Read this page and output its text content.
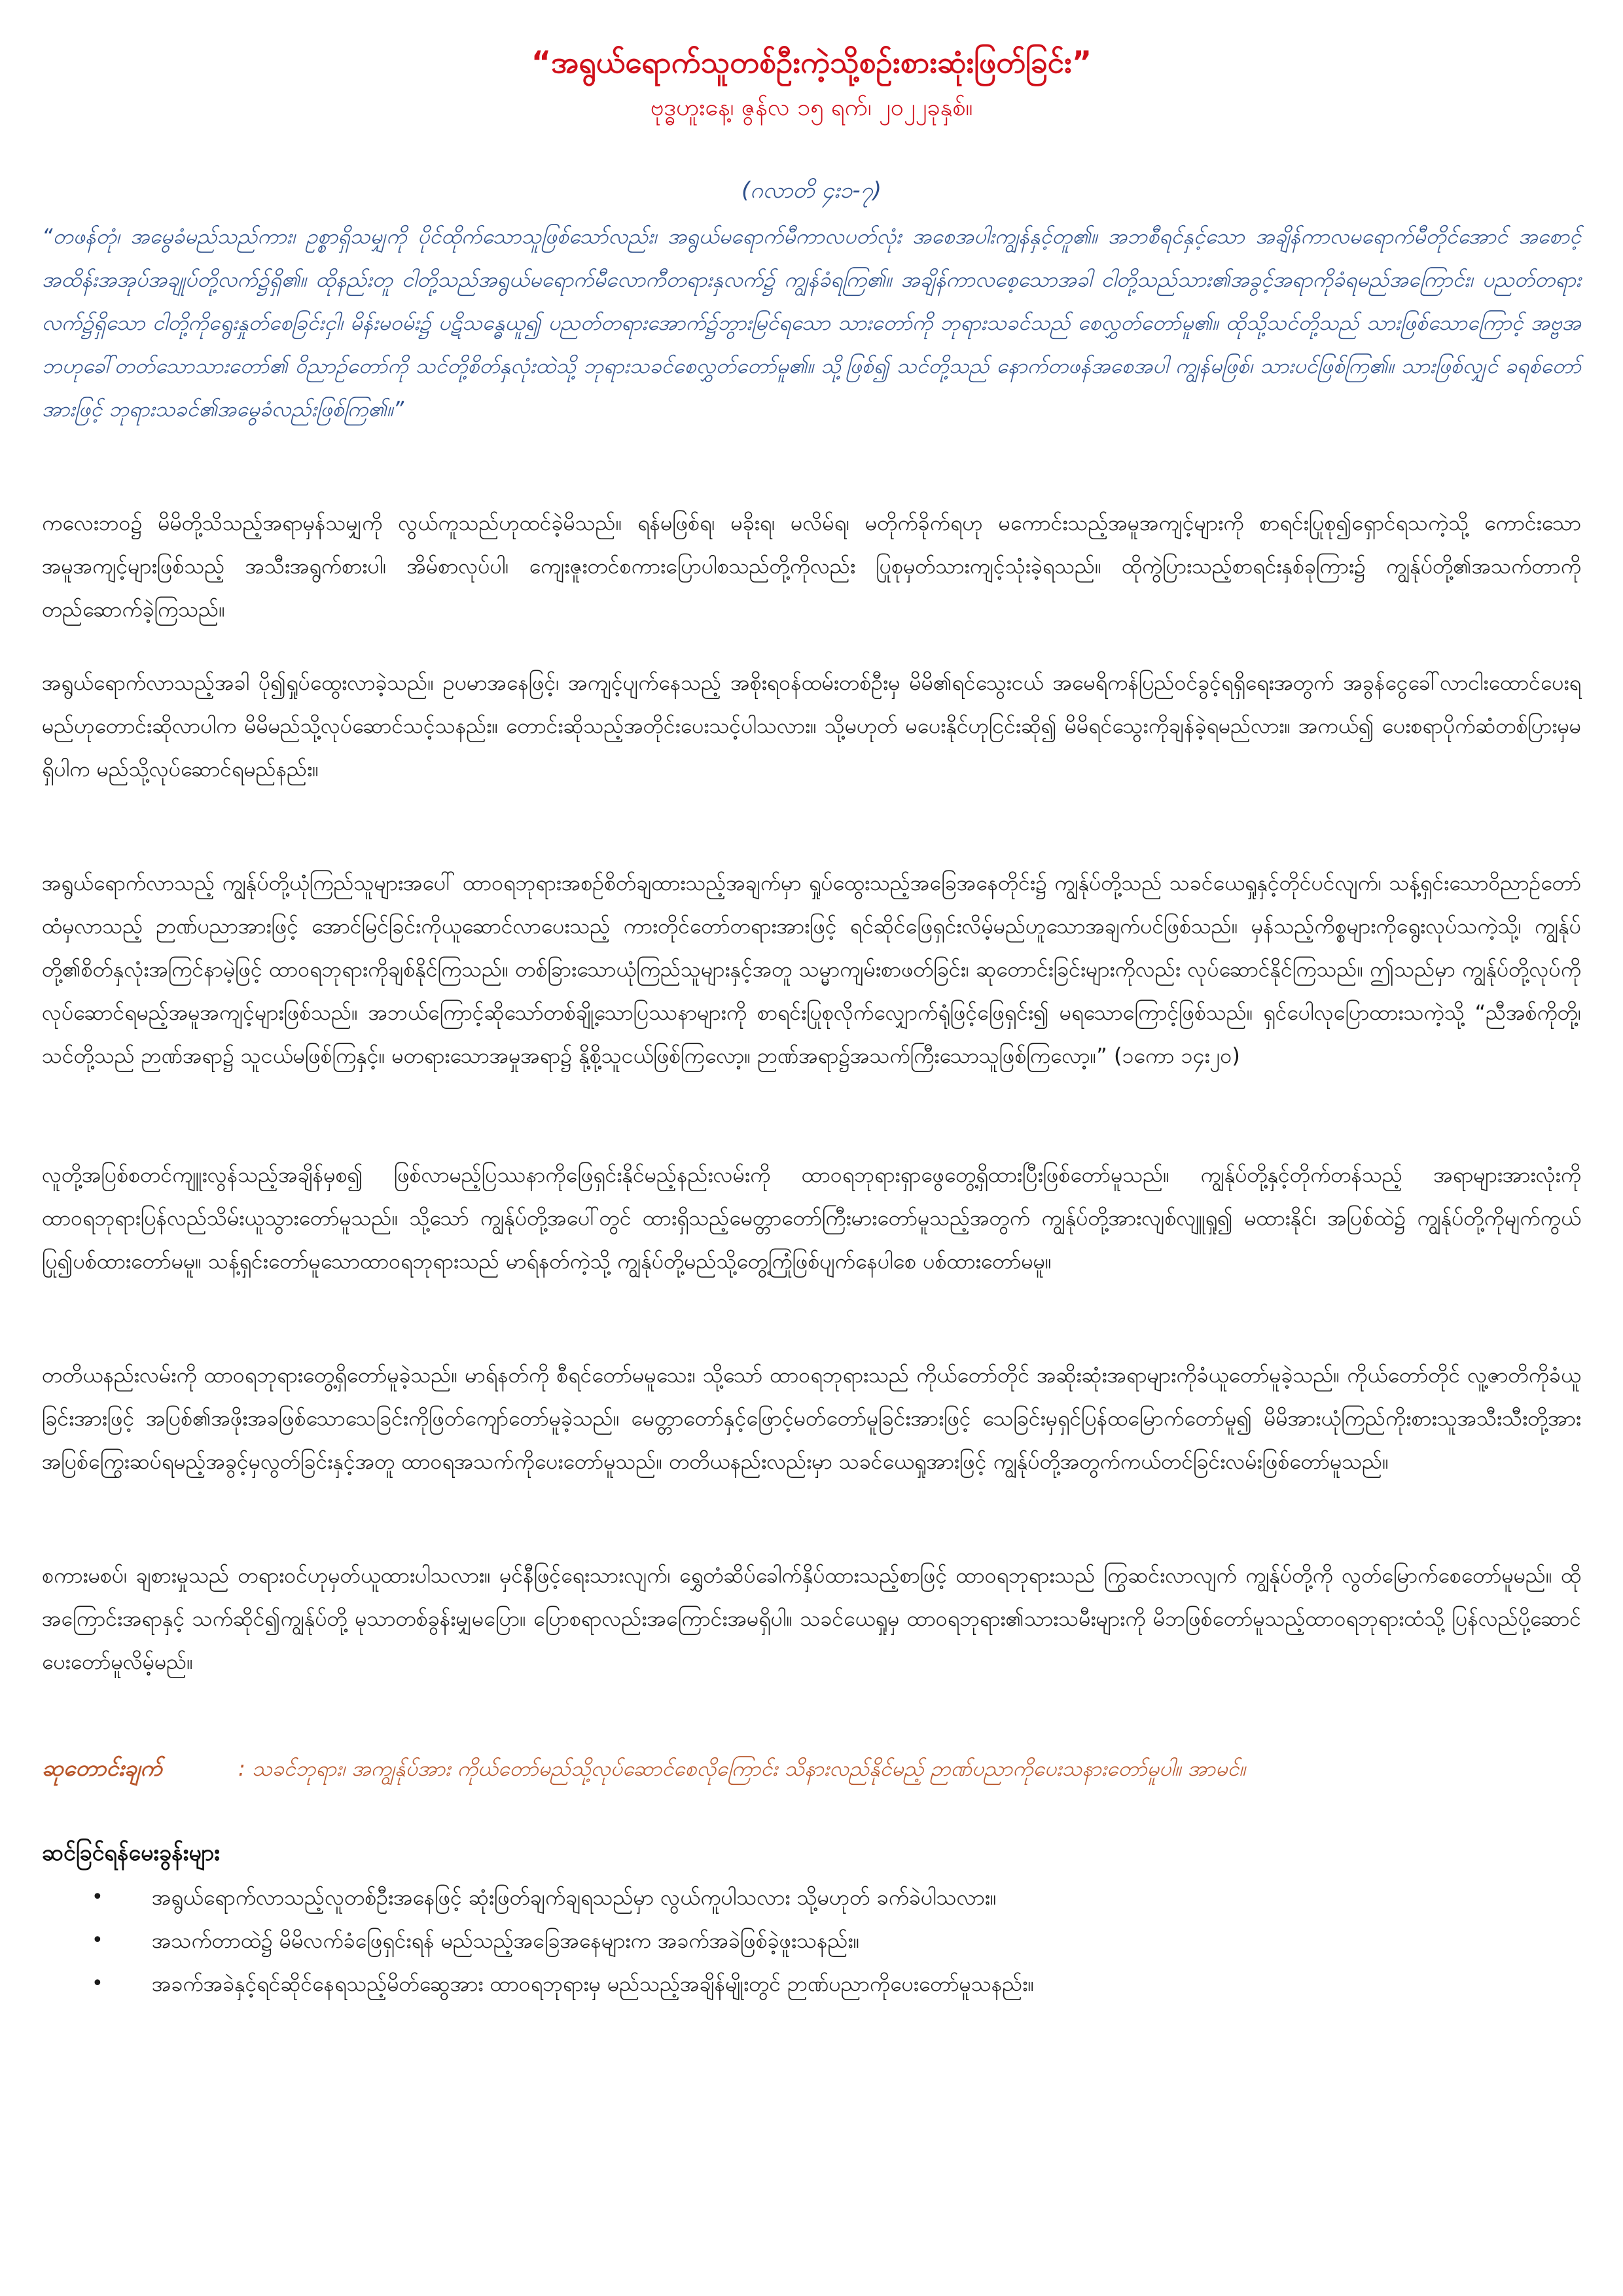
“အရွယ်ရောက်သူတစ်ဦးကဲ့သို့စဉ်းစားဆုံးဖြတ်ခြင်း”
ဗုဒ္ဓဟူးနေ့၊ ဇွန်လ ၁၅ ရက်၊ ၂၀၂၂ခုနှစ်။
(ဂလာတိ ၄း၁-၇)

“တဖန်တုံ၊ အမွေခံမည်သည်ကား၊ ဥစ္စာရှိသမျှကို ပိုင်ထိုက်သောသူဖြစ်သော်လည်း၊ အရွယ်မရောက်မီကာလပတ်လုံး အစေအပါးကျွန်နှင့်တူ၏။ အဘစီရင်နှင့်သော အချိန်ကာလမရောက်မီတိုင်အောင် အစောင့်အထိန်းအအုပ်အချုပ်တို့လက်၌ရှိ၏။ ထိုနည်းတူ ငါတို့သည်အရွယ်မရောက်မီလောကီတရားနှလက်၌ ကျွန်ခံရကြ၏။ အချိန်ကာလစေ့သောအခါ ငါတို့သည်သား၏အခွင့်အရာကိုခံရမည်အကြောင်း၊ ပညတ်တရားလက်၌ရှိသော ငါတို့ကိုရွေးနှုတ်စေခြင်းငှါ၊ မိန်းမဝမ်း၌ ပဋိသန္ဓေယူ၍ ပညတ်တရားအောက်၌ဘွားမြင်ရသော သားတော်ကို ဘုရားသခင်သည် စေလွှတ်တော်မူ၏။ ထိုသို့သင်တို့သည် သားဖြစ်သောကြောင့် အဗ္ဗအဘဟုခေါ်တတ်သောသားတော်၏ ဝိညာဉ်တော်ကို သင်တို့စိတ်နှလုံးထဲသို့ ဘုရားသခင်စေလွှတ်တော်မူ၏။ သို့ဖြစ်၍ သင်တို့သည် နောက်တဖန်အစေအပါ ကျွန်မဖြစ်၊ သားပင်ဖြစ်ကြ၏။ သားဖြစ်လျှင် ခရစ်တော်အားဖြင့် ဘုရားသခင်၏အမွေခံလည်းဖြစ်ကြ၏။”

ကလေးဘဝ၌ မိမိတို့သိသည့်အရာမှန်သမျှကို လွယ်ကူသည်ဟုထင်ခဲ့မိသည်။ ရန်မဖြစ်ရ၊ မခိုးရ၊ မလိမ်ရ၊ မတိုက်ခိုက်ရဟု မကောင်းသည့်အမူအကျင့်များကို စာရင်းပြုစု၍ရှောင်ရသကဲ့သို့ ကောင်းသောအမူအကျင့်များဖြစ်သည့် အသီးအရွက်စားပါ၊ အိမ်စာလုပ်ပါ၊ ကျေးဇူးတင်စကားပြောပါစသည်တို့ကိုလည်း ပြုစုမှတ်သားကျင့်သုံးခဲ့ရသည်။ ထိုကွဲပြားသည့်စာရင်းနှစ်ခုကြား၌ ကျွန်ုပ်တို့၏အသက်တာကိုတည်ဆောက်ခဲ့ကြသည်။

အရွယ်ရောက်လာသည့်အခါ ပို၍ရှုပ်ထွေးလာခဲ့သည်။ ဥပမာအနေဖြင့်၊ အကျင့်ပျက်နေသည့် အစိုးရဝန်ထမ်းတစ်ဦးမှ မိမိ၏ရင်သွေးငယ် အမေရိကန်ပြည်ဝင်ခွင့်ရရှိရေးအတွက် အခွန်ငွေခေါ်လာငါးထောင်ပေးရမည်ဟုတောင်းဆိုလာပါက မိမိမည်သို့လုပ်ဆောင်သင့်သနည်း။ တောင်းဆိုသည့်အတိုင်းပေးသင့်ပါသလား။ သို့မဟုတ် မပေးနိုင်ဟုငြင်းဆို၍ မိမိရင်သွေးကိုချန်ခဲ့ရမည်လား။ အကယ်၍ ပေးစရာပိုက်ဆံတစ်ပြားမှမရှိပါက မည်သို့လုပ်ဆောင်ရမည်နည်း။

အရွယ်ရောက်လာသည့် ကျွန်ုပ်တို့ယုံကြည်သူများအပေါ် ထာဝရဘုရားအစဉ်စိတ်ချထားသည့်အချက်မှာ ရှုပ်ထွေးသည့်အခြေအနေတိုင်း၌ ကျွန်ုပ်တို့သည် သခင်ယေရှုနှင့်တိုင်ပင်လျက်၊ သန့်ရှင်းသောဝိညာဉ်တော်ထံမှလာသည့် ဉာဏ်ပညာအားဖြင့် အောင်မြင်ခြင်းကိုယူဆောင်လာပေးသည့် ကားတိုင်တော်တရားအားဖြင့် ရင်ဆိုင်ဖြေရှင်းလိမ့်မည်ဟူသောအချက်ပင်ဖြစ်သည်။ မှန်သည့်ကိစ္စများကိုရွေးလုပ်သကဲ့သို့၊ ကျွန်ုပ်တို့၏စိတ်နှလုံးအကြင်နာမဲ့ဖြင့် ထာဝရဘုရားကိုချစ်နိုင်ကြသည်။ တစ်ခြားသောယုံကြည်သူများနှင့်အတူ သမ္မာကျမ်းစာဖတ်ခြင်း၊ ဆုတောင်းခြင်းများကိုလည်း လုပ်ဆောင်နိုင်ကြသည်။ ဤသည်မှာ ကျွန်ုပ်တို့လုပ်ကိုလုပ်ဆောင်ရမည့်အမူအကျင့်များဖြစ်သည်။ အဘယ်ကြောင့်ဆိုသော်တစ်ချို့သောပြဿနာများကို စာရင်းပြုစုလိုက်လျှောက်ရုံဖြင့်ဖြေရှင်း၍ မရသောကြောင့်ဖြစ်သည်။ ရှင်ပေါလုပြောထားသကဲ့သို့ “ညီအစ်ကိုတို့၊ သင်တို့သည် ဉာဏ်အရာ၌ သူငယ်မဖြစ်ကြနှင့်။ မတရားသောအမှုအရာ၌ နို့စို့သူငယ်ဖြစ်ကြလော့။ ဉာဏ်အရာ၌အသက်ကြီးသောသူဖြစ်ကြလော့။” (၁ကော ၁၄း၂၀)

လူတို့အပြစ်စတင်ကျူးလွန်သည့်အချိန်မှစ၍ ဖြစ်လာမည့်ပြဿနာကိုဖြေရှင်းနိုင်မည့်နည်းလမ်းကို ထာဝရဘုရားရှာဖွေတွေ့ရှိထားပြီးဖြစ်တော်မူသည်။ ကျွန်ုပ်တို့နှင့်တိုက်တန်သည့် အရာများအားလုံးကို ထာဝရဘုရားပြန်လည်သိမ်းယူသွားတော်မူသည်။ သို့သော် ကျွန်ုပ်တို့အပေါ်တွင် ထားရှိသည့်မေတ္တာတော်ကြီးမားတော်မူသည့်အတွက် ကျွန်ုပ်တို့အားလျစ်လျူရှု၍ မထားနိုင်၊ အပြစ်ထဲ၌ ကျွန်ုပ်တို့ကိုမျက်ကွယ်ပြု၍ပစ်ထားတော်မမူ။ သန့်ရှင်းတော်မူသောထာဝရဘုရားသည် မာရ်နတ်ကဲ့သို့ ကျွန်ုပ်တို့မည်သို့တွေ့ကြုံဖြစ်ပျက်နေပါစေ ပစ်ထားတော်မမူ။

တတိယနည်းလမ်းကို ထာဝရဘုရားတွေ့ရှိတော်မူခဲ့သည်။ မာရ်နတ်ကို စီရင်တော်မမူသေး၊ သို့သော် ထာဝရဘုရားသည် ကိုယ်တော်တိုင် အဆိုးဆုံးအရာများကိုခံယူတော်မူခဲ့သည်။ ကိုယ်တော်တိုင် လူ့ဇာတိကိုခံယူခြင်းအားဖြင့် အပြစ်၏အဖိုးအခဖြစ်သောသေခြင်းကိုဖြတ်ကျော်တော်မူခဲ့သည်။ မေတ္တာတော်နှင့်ဖြောင့်မတ်တော်မူခြင်းအားဖြင့် သေခြင်းမှရှင်ပြန်ထမြောက်တော်မူ၍ မိမိအားယုံကြည်ကိုးစားသူအသီးသီးတို့အား အပြစ်ကြွေးဆပ်ရမည့်အခွင့်မှလွတ်ခြင်းနှင့်အတူ ထာဝရအသက်ကိုပေးတော်မူသည်။ တတိယနည်းလည်းမှာ သခင်ယေရှုအားဖြင့် ကျွန်ုပ်တို့အတွက်ကယ်တင်ခြင်းလမ်းဖြစ်တော်မူသည်။

စကားမစပ်၊ ချစားမှုသည် တရားဝင်ဟုမှတ်ယူထားပါသလား။ မှင်နီဖြင့်ရေးသားလျက်၊ ရွှေတံဆိပ်ခေါက်နှိပ်ထားသည့်စာဖြင့် ထာဝရဘုရားသည် ကြွဆင်းလာလျက် ကျွန်ုပ်တို့ကို လွတ်မြောက်စေတော်မူမည်။ ထိုအကြောင်းအရာနှင့် သက်ဆိုင်၍ကျွန်ုပ်တို့ မုသာတစ်ခွန်းမျှမပြော။ ပြောစရာလည်းအကြောင်းအမရှိပါ။ သခင်ယေရှုမှ ထာဝရဘုရား၏သားသမီးများကို မိဘဖြစ်တော်မူသည့်ထာဝရဘုရားထံသို့ ပြန်လည်ပို့ဆောင်ပေးတော်မူလိမ့်မည်။

ဆုတောင်းချက်	: သခင်ဘုရား၊ အကျွန်ုပ်အား ကိုယ်တော်မည်သို့လုပ်ဆောင်စေလိုကြောင်း သိနားလည်နိုင်မည့် ဉာဏ်ပညာကိုပေးသနားတော်မူပါ။ အာမင်။
ဆင်ခြင်ရန်မေးခွန်းများ
• အရွယ်ရောက်လာသည့်လူတစ်ဦးအနေဖြင့် ဆုံးဖြတ်ချက်ချရသည်မှာ လွယ်ကူပါသလား သို့မဟုတ် ခက်ခဲပါသလား။
• အသက်တာထဲ၌ မိမိလက်ခံဖြေရှင်းရန် မည်သည့်အခြေအနေများက အခက်အခဲဖြစ်ခဲ့ဖူးသနည်း။
• အခက်အခဲနှင့်ရင်ဆိုင်နေရသည့်မိတ်ဆွေအား ထာဝရဘုရားမှ မည်သည့်အချိန်မျိုးတွင် ဉာဏ်ပညာကိုပေးတော်မူသနည်း။
